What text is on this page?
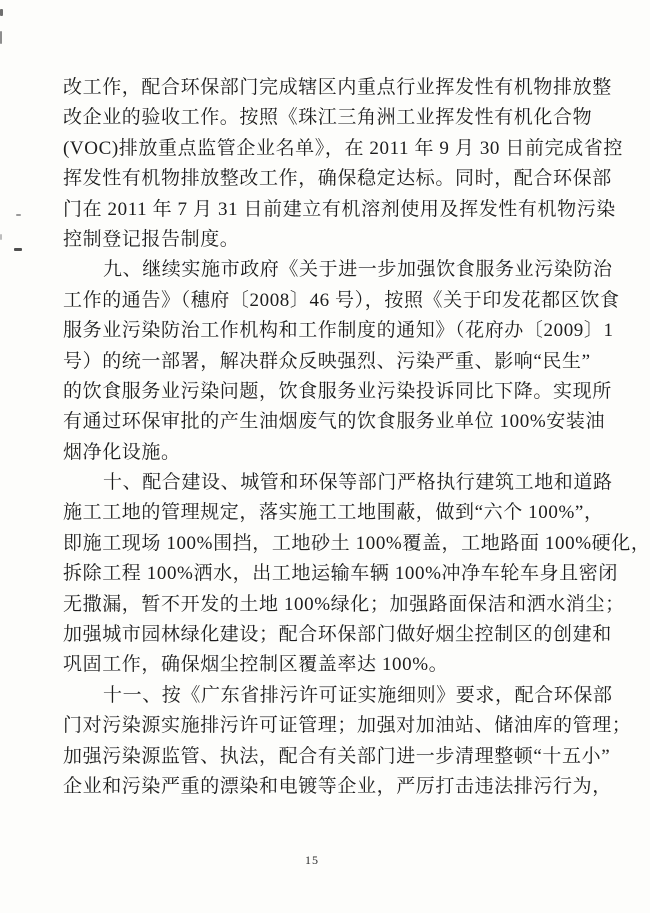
改工作，配合环保部门完成辖区内重点行业挥发性有机物排放整
改企业的验收工作。按照《珠江三角洲工业挥发性有机化合物
(VOC)排放重点监管企业名单》，在 2011 年 9 月 30 日前完成省控
挥发性有机物排放整改工作，确保稳定达标。同时，配合环保部
门在 2011 年 7 月 31 日前建立有机溶剂使用及挥发性有机物污染
控制登记报告制度。
九、继续实施市政府《关于进一步加强饮食服务业污染防治
工作的通告》（穗府〔2008〕46 号），按照《关于印发花都区饮食
服务业污染防治工作机构和工作制度的通知》（花府办〔2009〕1
号）的统一部署，解决群众反映强烈、污染严重、影响“民生”
的饮食服务业污染问题，饮食服务业污染投诉同比下降。实现所
有通过环保审批的产生油烟废气的饮食服务业单位 100%安装油
烟净化设施。
十、配合建设、城管和环保等部门严格执行建筑工地和道路
施工工地的管理规定，落实施工工地围蔽，做到“六个 100%”，
即施工现场 100%围挡，工地砂土 100%覆盖，工地路面 100%硬化，
拆除工程 100%洒水，出工地运输车辆 100%冲净车轮车身且密闭
无撒漏，暂不开发的土地 100%绿化；加强路面保洁和洒水消尘；
加强城市园林绿化建设；配合环保部门做好烟尘控制区的创建和
巩固工作，确保烟尘控制区覆盖率达 100%。
十一、按《广东省排污许可证实施细则》要求，配合环保部
门对污染源实施排污许可证管理；加强对加油站、储油库的管理；
加强污染源监管、执法，配合有关部门进一步清理整顿“十五小”
企业和污染严重的漂染和电镀等企业，严厉打击违法排污行为，
15
